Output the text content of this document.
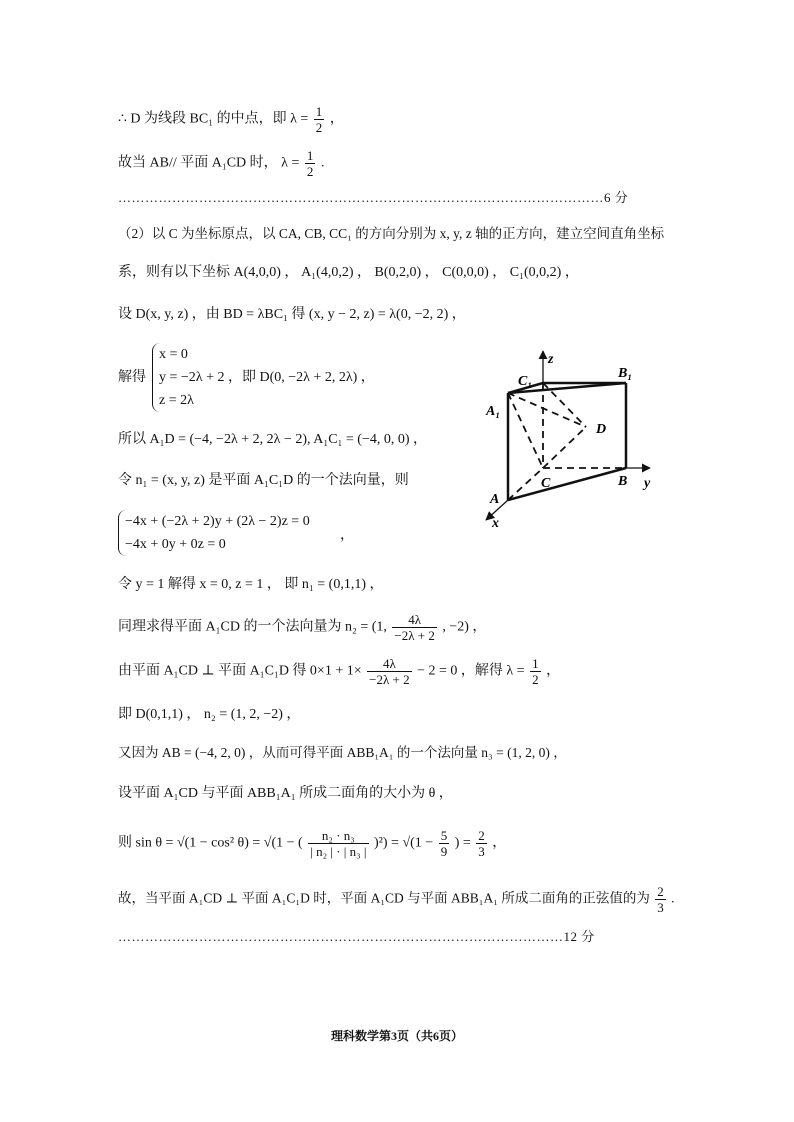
∴ D 为线段 BC₁ 的中点，即 $\lambda = \frac{1}{2}$ ，
故当 AB// 平面 A₁CD 时， $\lambda = \frac{1}{2}$ .
………………………………………………………………………………………………6 分
（2）以 C 为坐标原点，以 CA, CB, CC₁ 的方向分别为 x, y, z 轴的正方向，建立空间直角坐标
系，则有以下坐标 A(4,0,0) ， A₁(4,0,2) ， B(0,2,0) ， C(0,0,0) ， C₁(0,0,2) ，
设 D(x, y, z) ，由 BD = λBC₁ 得 (x, y − 2, z) = λ(0, −2, 2) ，
解得
x = 0
y = −2λ + 2 ，即 D(0, −2λ + 2, 2λ) ，
z = 2λ
所以 A₁D = (−4, −2λ + 2, 2λ − 2), A₁C₁ = (−4, 0, 0) ，
令 n₁ = (x, y, z) 是平面 A₁C₁D 的一个法向量，则
−4x + (−2λ + 2)y + (2λ − 2)z = 0
−4x + 0y + 0z = 0
，
令 y = 1 解得 x = 0, z = 1 ， 即 n₁ = (0,1,1) ，
同理求得平面 A₁CD 的一个法向量为 n₂ = (1, $\frac{4\lambda}{-2\lambda + 2}$ , −2) ，
由平面 A₁CD ⊥ 平面 A₁C₁D 得 $0\times 1 + 1\times \frac{4\lambda}{-2\lambda + 2} - 2 = 0$ ，解得 $\lambda = \frac{1}{2}$ ，
即 D(0,1,1) ， n₂ = (1, 2, −2) ，
又因为 AB = (−4, 2, 0) ，从而可得平面 ABB₁A₁ 的一个法向量 n₃ = (1, 2, 0) ，
设平面 A₁CD 与平面 ABB₁A₁ 所成二面角的大小为 θ ，
则 sin θ = √(1 − cos² θ) = √(1 − ( $\frac{\text{n₂ · n₃}}{\text{| n₂ | · | n₃ |}} )^2) = √(1 - \frac{5}{9}$ ) = $\frac{2}{3}$ ，
故，当平面 A₁CD ⊥ 平面 A₁C₁D 时，平面 A₁CD 与平面 ABB₁A₁ 所成二面角的正弦值的为 $\frac{2}{3}$ .
………………………………………………………………………………………12 分
z
C₁
B₁
A₁
D
C	B y
A
x
理科数学第3页（共6页）
